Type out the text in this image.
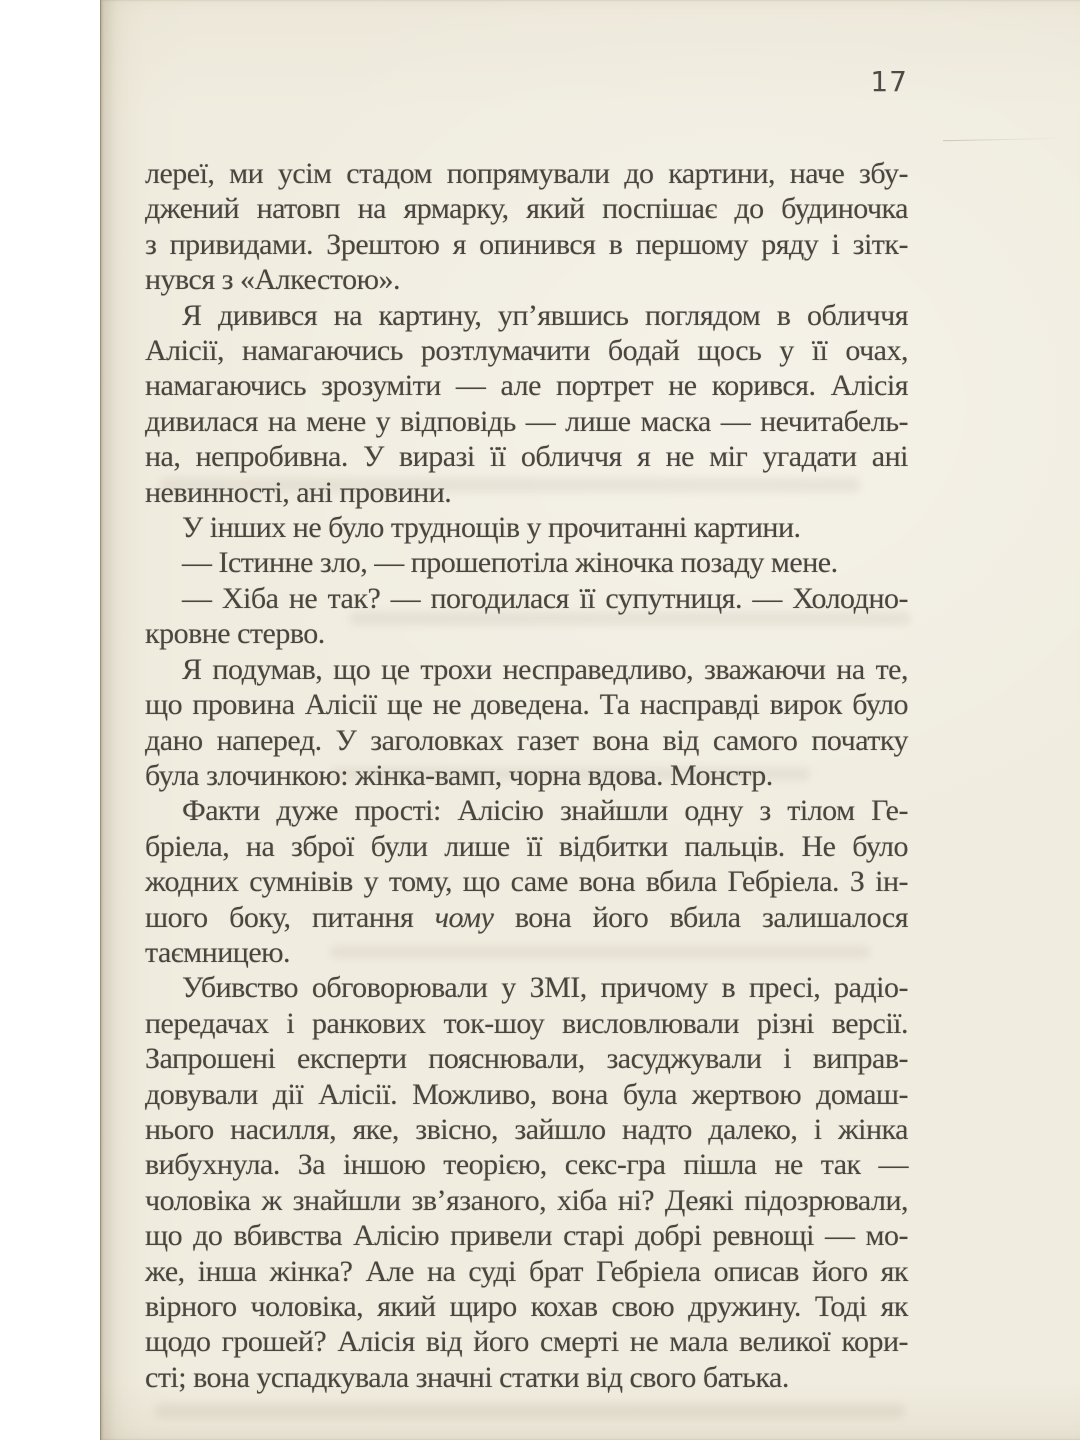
17
лереї, ми усім стадом попрямували до картини, наче збу-
джений натовп на ярмарку, який поспішає до будиночка
з привидами. Зрештою я опинився в першому ряду і зітк-
нувся з «Алкестою».
Я дивився на картину, уп’явшись поглядом в обличчя
Алісії, намагаючись розтлумачити бодай щось у її очах,
намагаючись зрозуміти — але портрет не корився. Алісія
дивилася на мене у відповідь — лише маска — нечитабель-
на, непробивна. У виразі її обличчя я не міг угадати ані
невинності, ані провини.
У інших не було труднощів у прочитанні картини.
— Істинне зло, — прошепотіла жіночка позаду мене.
— Хіба не так? — погодилася її супутниця. — Холодно-
кровне стерво.
Я подумав, що це трохи несправедливо, зважаючи на те,
що провина Алісії ще не доведена. Та насправді вирок було
дано наперед. У заголовках газет вона від самого початку
була злочинкою: жінка-вамп, чорна вдова. Монстр.
Факти дуже прості: Алісію знайшли одну з тілом Ге-
бріела, на зброї були лише її відбитки пальців. Не було
жодних сумнівів у тому, що саме вона вбила Гебріела. З ін-
шого боку, питання чому вона його вбила залишалося
таємницею.
Убивство обговорювали у ЗМІ, причому в пресі, радіо-
передачах і ранкових ток-шоу висловлювали різні версії.
Запрошені експерти пояснювали, засуджували і виправ-
довували дії Алісії. Можливо, вона була жертвою домаш-
нього насилля, яке, звісно, зайшло надто далеко, і жінка
вибухнула. За іншою теорією, секс-гра пішла не так —
чоловіка ж знайшли зв’язаного, хіба ні? Деякі підозрювали,
що до вбивства Алісію привели старі добрі ревнощі — мо-
же, інша жінка? Але на суді брат Гебріела описав його як
вірного чоловіка, який щиро кохав свою дружину. Тоді як
щодо грошей? Алісія від його смерті не мала великої кори-
сті; вона успадкувала значні статки від свого батька.
